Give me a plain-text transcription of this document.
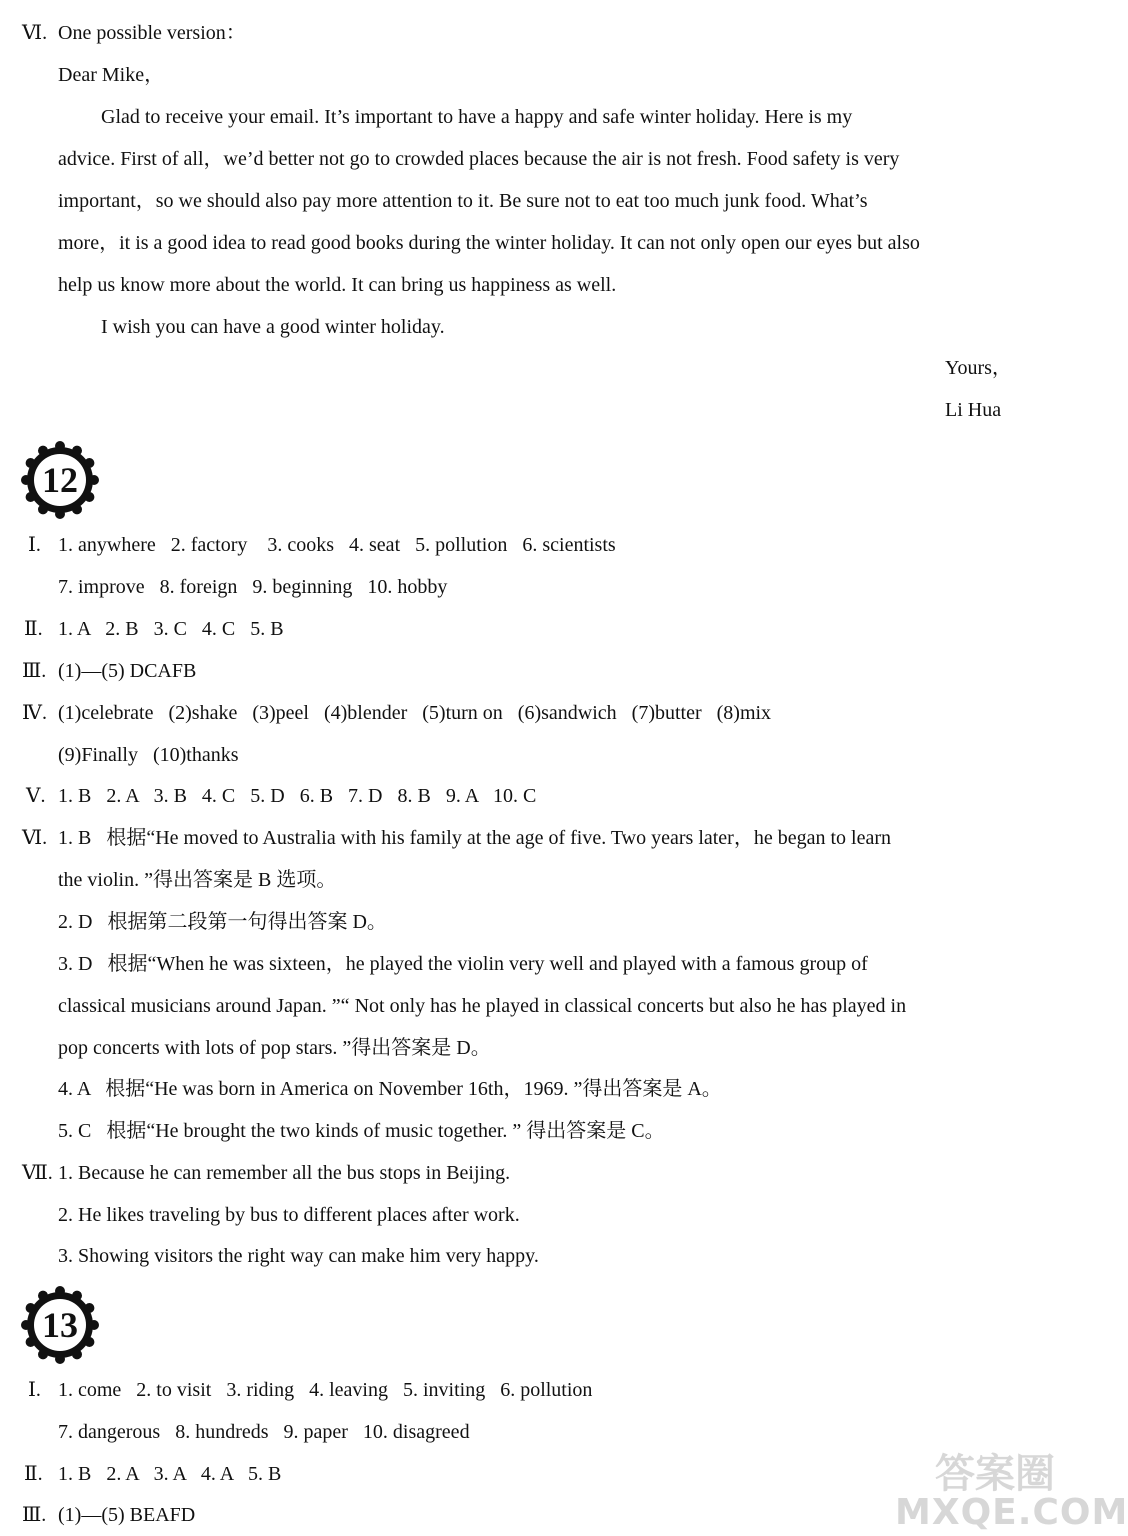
Ⅵ. One possible version：
Dear Mike，
Glad to receive your email. It’s important to have a happy and safe winter holiday. Here is my
advice. First of all，we’d better not go to crowded places because the air is not fresh. Food safety is very
important，so we should also pay more attention to it. Be sure not to eat too much junk food. What’s
more，it is a good idea to read good books during the winter holiday. It can not only open our eyes but also
help us know more about the world. It can bring us happiness as well.
I wish you can have a good winter holiday.
Yours，
Li Hua
12
Ⅰ. 1. anywhere   2. factory    3. cooks   4. seat   5. pollution   6. scientists
7. improve   8. foreign   9. beginning   10. hobby
Ⅱ. 1. A   2. B   3. C   4. C   5. B
Ⅲ. (1)—(5) DCAFB
Ⅳ. (1)celebrate   (2)shake   (3)peel   (4)blender   (5)turn on   (6)sandwich   (7)butter   (8)mix
(9)Finally   (10)thanks
Ⅴ. 1. B   2. A   3. B   4. C   5. D   6. B   7. D   8. B   9. A   10. C
Ⅵ. 1. B   根据“He moved to Australia with his family at the age of five. Two years later，he began to learn
the violin. ”得出答案是 B 选项。
2. D   根据第二段第一句得出答案 D。
3. D   根据“When he was sixteen，he played the violin very well and played with a famous group of
classical musicians around Japan. ”“ Not only has he played in classical concerts but also he has played in
pop concerts with lots of pop stars. ”得出答案是 D。
4. A   根据“He was born in America on November 16th，1969. ”得出答案是 A。
5. C   根据“He brought the two kinds of music together. ” 得出答案是 C。
Ⅶ. 1. Because he can remember all the bus stops in Beijing.
2. He likes traveling by bus to different places after work.
3. Showing visitors the right way can make him very happy.
13
Ⅰ. 1. come   2. to visit   3. riding   4. leaving   5. inviting   6. pollution
7. dangerous   8. hundreds   9. paper   10. disagreed
Ⅱ. 1. B   2. A   3. A   4. A   5. B
Ⅲ. (1)—(5) BEAFD
答案圈
MXQE.COM
